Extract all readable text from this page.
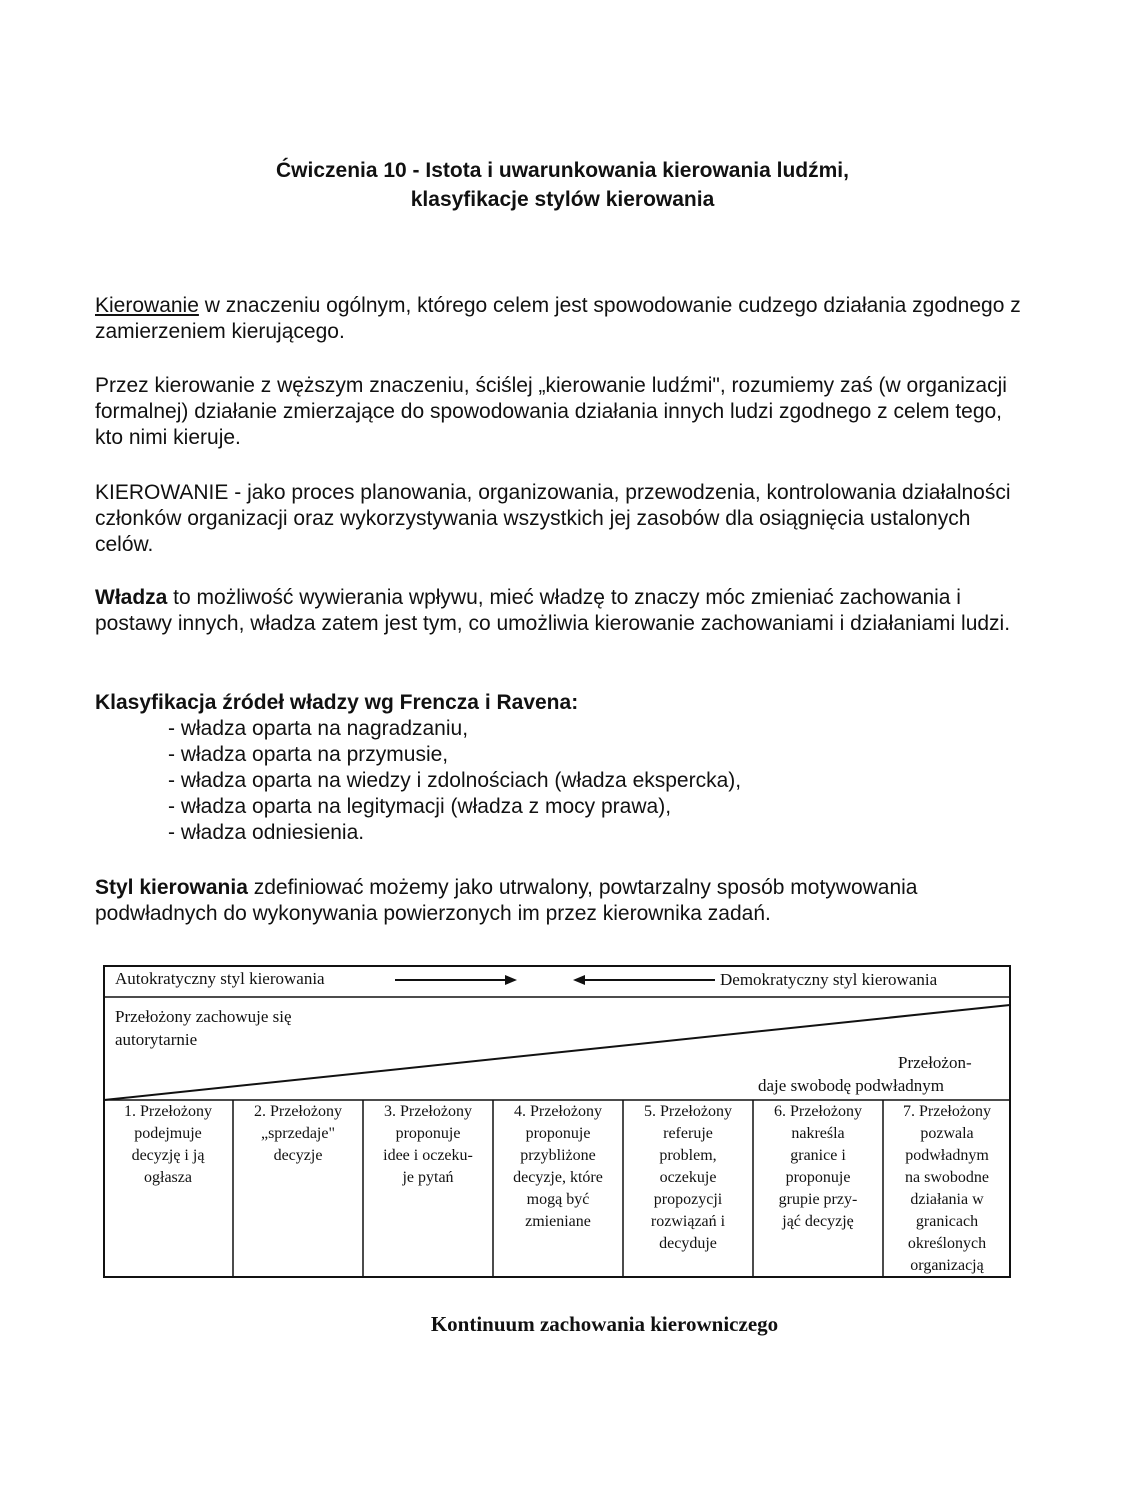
Ćwiczenia 10 - Istota i uwarunkowania kierowania ludźmi,
klasyfikacje stylów kierowania
Kierowanie w znaczeniu ogólnym, którego celem jest spowodowanie cudzego działania zgodnego z zamierzeniem kierującego.
Przez kierowanie z węższym znaczeniu, ściślej „kierowanie ludźmi", rozumiemy zaś (w organizacji formalnej) działanie zmierzające do spowodowania działania innych ludzi zgodnego z celem tego, kto nimi kieruje.
KIEROWANIE - jako proces planowania, organizowania, przewodzenia, kontrolowania działalności członków organizacji oraz wykorzystywania wszystkich jej zasobów dla osiągnięcia ustalonych celów.
Władza to możliwość wywierania wpływu, mieć władzę to znaczy móc zmieniać zachowania i postawy innych, władza zatem jest tym, co umożliwia kierowanie zachowaniami i działaniami ludzi.
Klasyfikacja źródeł władzy wg Frencza i Ravena:
- władza oparta na nagradzaniu,
- władza oparta na przymusie,
- władza oparta na wiedzy i zdolnościach (władza ekspercka),
- władza oparta na legitymacji (władza z mocy prawa),
- władza odniesienia.
Styl kierowania zdefiniować możemy jako utrwalony, powtarzalny sposób motywowania podwładnych do wykonywania powierzonych im przez kierownika zadań.
Autokratyczny styl kierowania	Demokratyczny styl kierowania
Przełożony zachowuje się
autorytarnie
Przełożon-
daje swobodę podwładnym
1. Przełożony
podejmuje
decyzję i ją
ogłasza
2. Przełożony
„sprzedaje"
decyzje
3. Przełożony
proponuje
idee i oczeku-
je pytań
4. Przełożony
proponuje
przybliżone
decyzje, które
mogą być
zmieniane
5. Przełożony
referuje
problem,
oczekuje
propozycji
rozwiązań i
decyduje
6. Przełożony
nakreśla
granice i
proponuje
grupie przy-
jąć decyzję
7. Przełożony
pozwala
podwładnym
na swobodne
działania w
granicach
określonych
organizacją
Kontinuum zachowania kierowniczego
